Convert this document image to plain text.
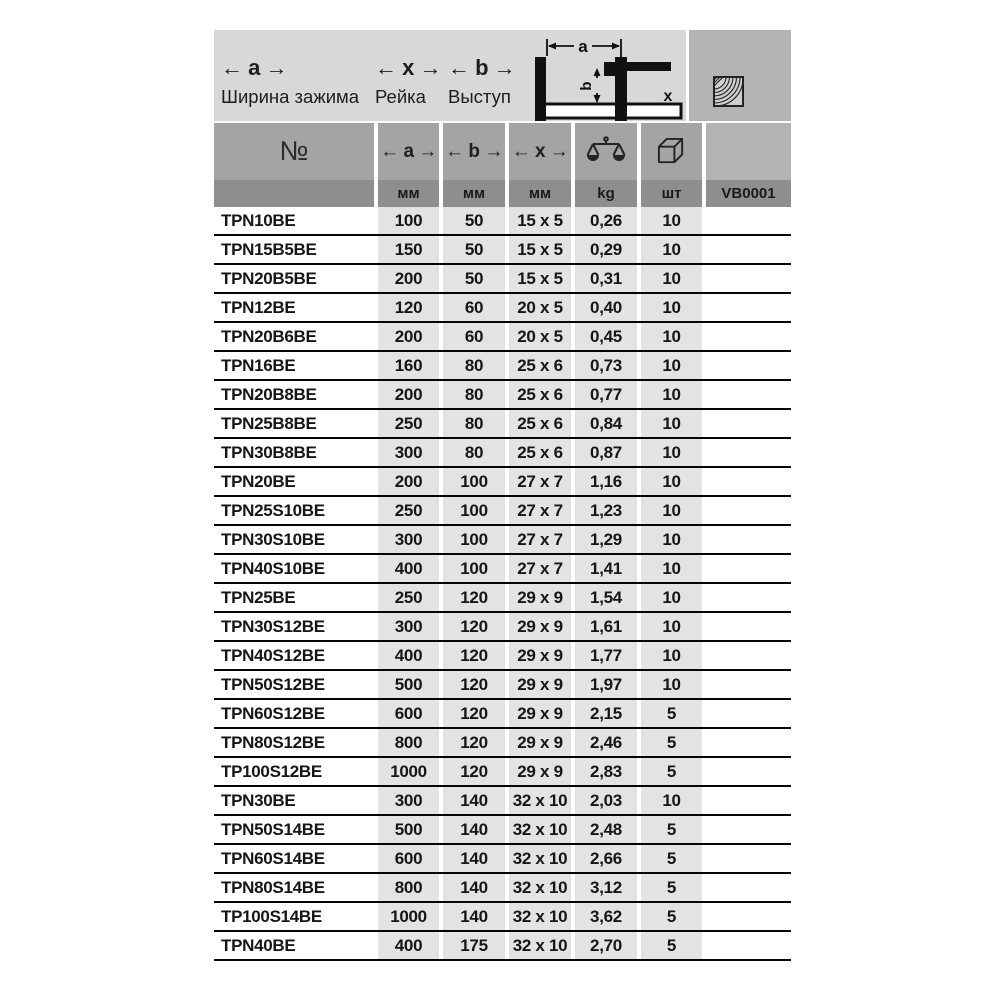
← a →
Ширина зажима
← x →
Рейка
← b →
Выступ
a
b
x
№	← a → ← b → ← x →
мм	мм	мм	kg	шт	VB0001
TPN10BE	100	50	15 x 5	0,26	10
TPN15B5BE	150	50	15 x 5	0,29	10
TPN20B5BE	200	50	15 x 5	0,31	10
TPN12BE	120	60	20 x 5	0,40	10
TPN20B6BE	200	60	20 x 5	0,45	10
TPN16BE	160	80	25 x 6	0,73	10
TPN20B8BE	200	80	25 x 6	0,77	10
TPN25B8BE	250	80	25 x 6	0,84	10
TPN30B8BE	300	80	25 x 6	0,87	10
TPN20BE	200	100	27 x 7	1,16	10
TPN25S10BE	250	100	27 x 7	1,23	10
TPN30S10BE	300	100	27 x 7	1,29	10
TPN40S10BE	400	100	27 x 7	1,41	10
TPN25BE	250	120	29 x 9	1,54	10
TPN30S12BE	300	120	29 x 9	1,61	10
TPN40S12BE	400	120	29 x 9	1,77	10
TPN50S12BE	500	120	29 x 9	1,97	10
TPN60S12BE	600	120	29 x 9	2,15	5
TPN80S12BE	800	120	29 x 9	2,46	5
TP100S12BE	1000	120	29 x 9	2,83	5
TPN30BE	300	140	32 x 10	2,03	10
TPN50S14BE	500	140	32 x 10	2,48	5
TPN60S14BE	600	140	32 x 10	2,66	5
TPN80S14BE	800	140	32 x 10	3,12	5
TP100S14BE	1000	140	32 x 10	3,62	5
TPN40BE	400	175	32 x 10	2,70	5
